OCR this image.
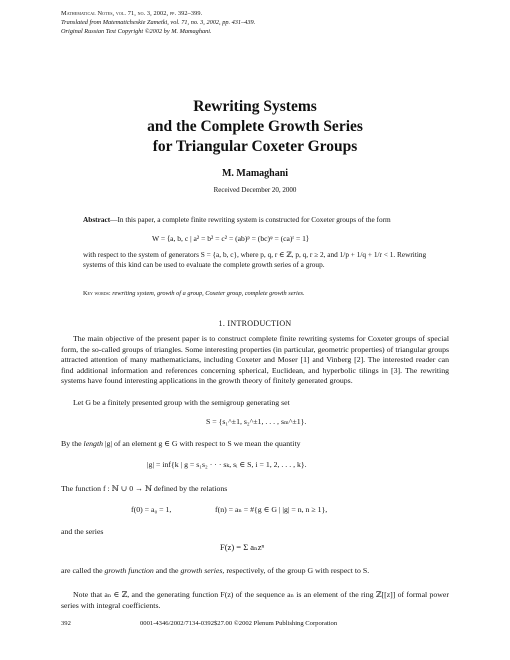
Mathematical Notes, vol. 71, no. 3, 2002, pp. 392–399.
Translated from Matematicheskie Zametki, vol. 71, no. 3, 2002, pp. 431–439.
Original Russian Text Copyright ©2002 by M. Mamaghani.
Rewriting Systems
and the Complete Growth Series
for Triangular Coxeter Groups
M. Mamaghani
Received December 20, 2000
Abstract—In this paper, a complete finite rewriting system is constructed for Coxeter groups of the form
W = ⟨a, b, c | a² = b² = c² = (ab)ᵖ = (bc)ᵠ = (ca)ʳ = 1⟩
with respect to the system of generators S = {a, b, c}, where p, q, r ∈ ℤ, p, q, r ≥ 2, and 1/p + 1/q + 1/r < 1. Rewriting systems of this kind can be used to evaluate the complete growth series of a group.
Key words: rewriting system, growth of a group, Coxeter group, complete growth series.
1. INTRODUCTION
The main objective of the present paper is to construct complete finite rewriting systems for Coxeter groups of special form, the so-called groups of triangles. Some interesting properties (in particular, geometric properties) of triangular groups attracted attention of many mathematicians, including Coxeter and Moser [1] and Vinberg [2]. The interested reader can find additional information and references concerning spherical, Euclidean, and hyperbolic tilings in [3]. The rewriting systems have found interesting applications in the growth theory of finitely generated groups.
Let G be a finitely presented group with the semigroup generating set
S = {s₁^±1, s₂^±1, . . . , sₘ^±1}.
By the length |g| of an element g ∈ G with respect to S we mean the quantity
|g| = inf{k | g = s₁s₂ · · · sₖ, sᵢ ∈ S, i = 1, 2, . . . , k}.
The function f : ℕ ∪ 0 → ℕ defined by the relations
f(0) = a₀ = 1,	f(n) = aₙ = #{g ∈ G | |g| = n, n ≥ 1},
and the series
F(z) = Σ aₙzⁿ
are called the growth function and the growth series, respectively, of the group G with respect to S.
Note that aₙ ∈ ℤ, and the generating function F(z) of the sequence aₙ is an element of the ring ℤ[[z]] of formal power series with integral coefficients.
392	0001-4346/2002/7134-0392$27.00 ©2002 Plenum Publishing Corporation
